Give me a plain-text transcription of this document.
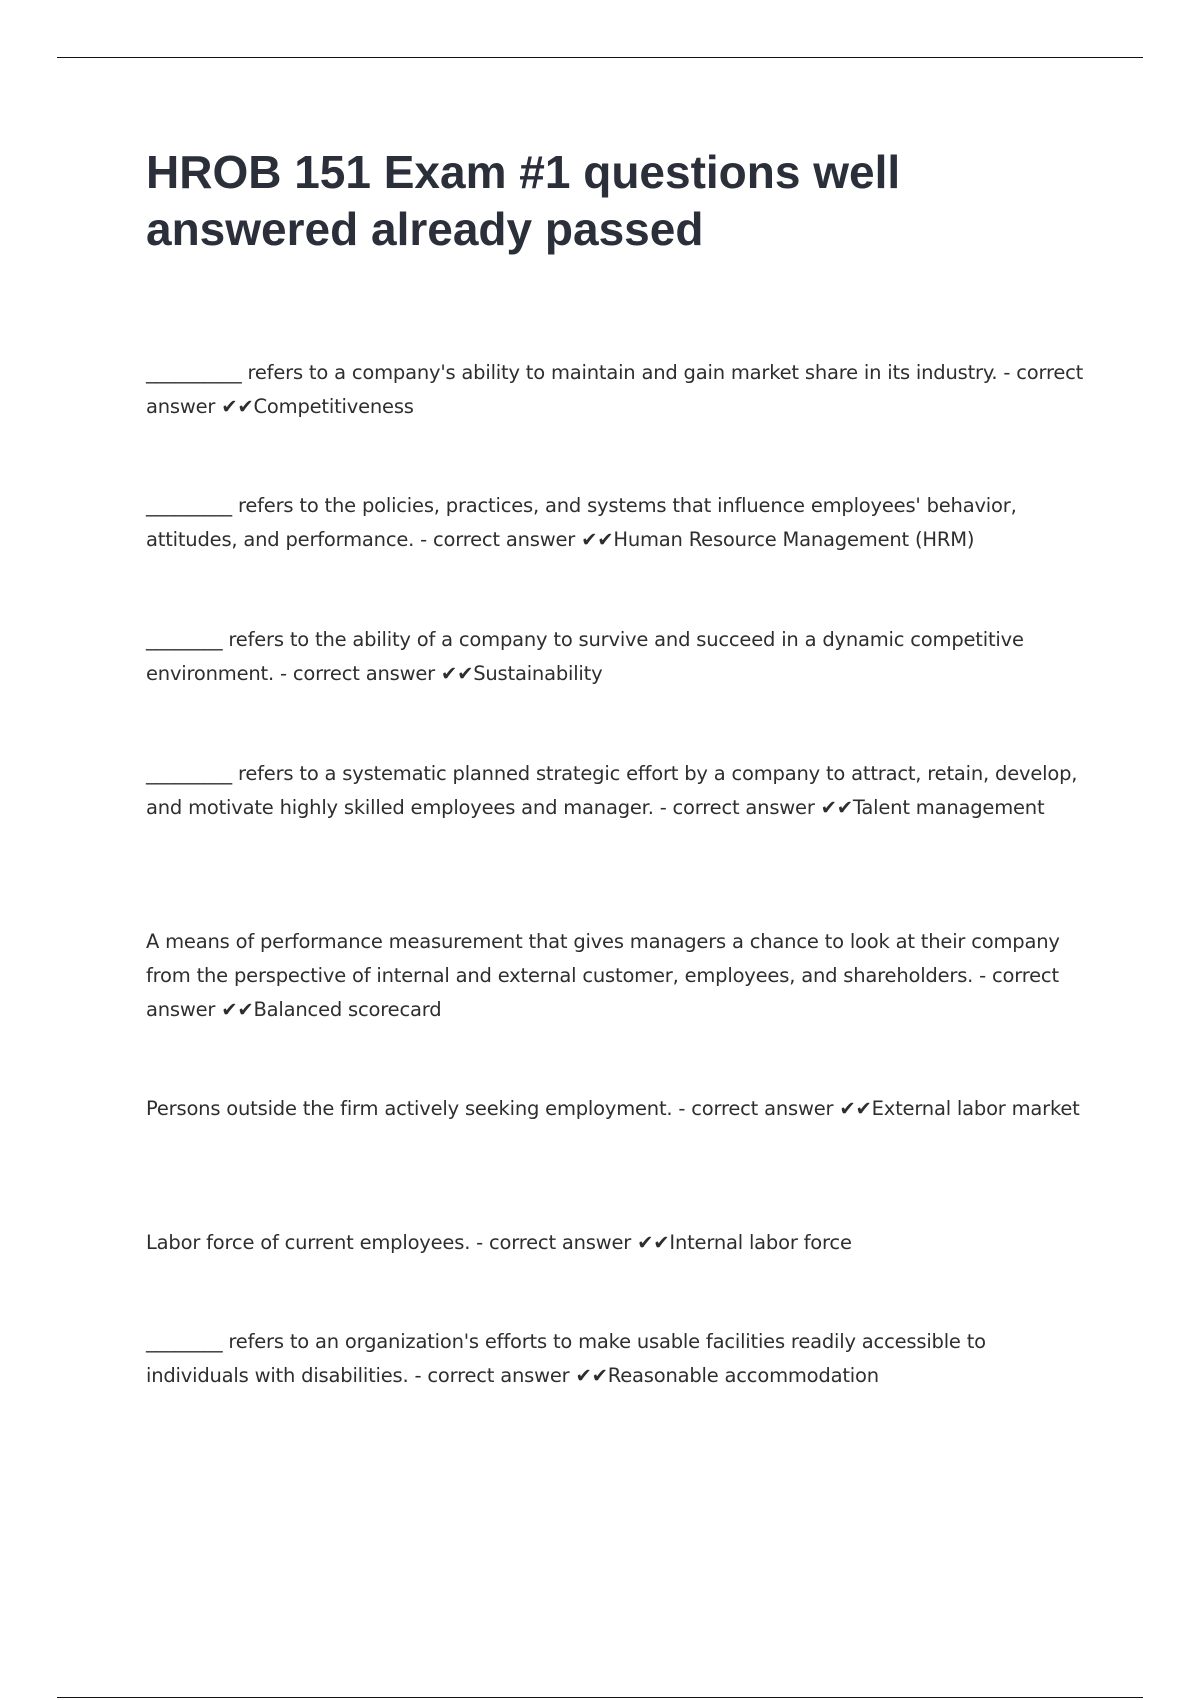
HROB 151 Exam #1 questions well answered already passed

__________ refers to a company's ability to maintain and gain market share in its industry. - correct answer ✔✔Competitiveness

_________ refers to the policies, practices, and systems that influence employees' behavior, attitudes, and performance. - correct answer ✔✔Human Resource Management (HRM)

________ refers to the ability of a company to survive and succeed in a dynamic competitive environment. - correct answer ✔✔Sustainability

_________ refers to a systematic planned strategic effort by a company to attract, retain, develop, and motivate highly skilled employees and manager. - correct answer ✔✔Talent management

A means of performance measurement that gives managers a chance to look at their company from the perspective of internal and external customer, employees, and shareholders. - correct answer ✔✔Balanced scorecard

Persons outside the firm actively seeking employment. - correct answer ✔✔External labor market

Labor force of current employees. - correct answer ✔✔Internal labor force

________ refers to an organization's efforts to make usable facilities readily accessible to individuals with disabilities. - correct answer ✔✔Reasonable accommodation
